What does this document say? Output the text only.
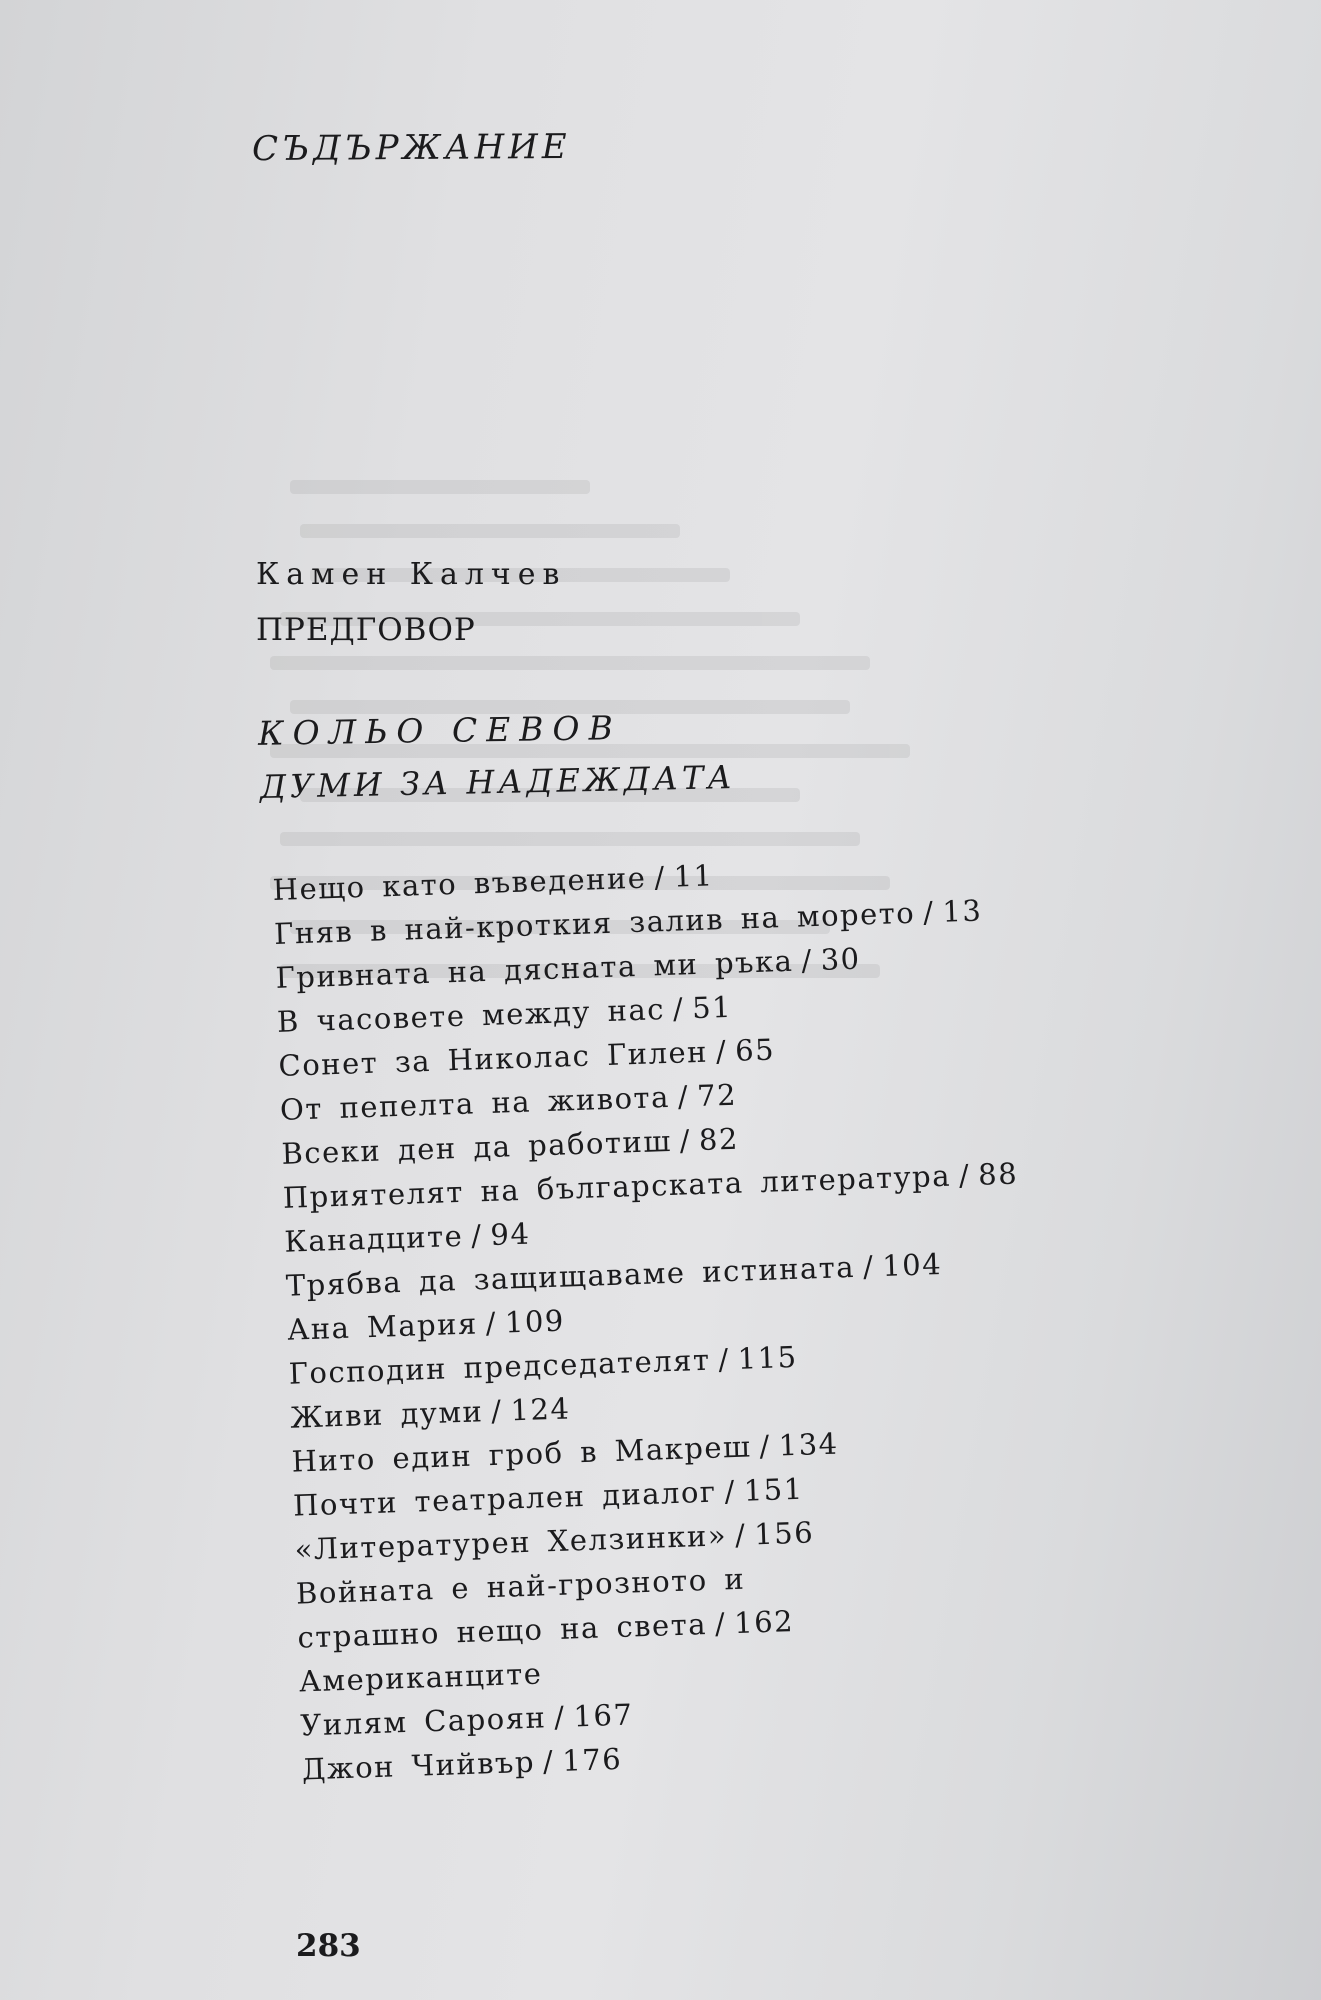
СЪДЪРЖАНИЕ
Камен Калчев
ПРЕДГОВОР
КОЛЬО СЕВОВ
ДУМИ ЗА НАДЕЖДАТА
Нещо като въведение / 11
Гняв в най-кроткия залив на морето / 13
Гривната на дясната ми ръка / 30
В часовете между нас / 51
Сонет за Николас Гилен / 65
От пепелта на живота / 72
Всеки ден да работиш / 82
Приятелят на българската литература / 88
Канадците / 94
Трябва да защищаваме истината / 104
Ана Мария / 109
Господин председателят / 115
Живи думи / 124
Нито един гроб в Макреш / 134
Почти театрален диалог / 151
«Литературен Хелзинки» / 156
Войната е най-грозното и
страшно нещо на света / 162
Американците
Уилям Сароян / 167
Джон Чийвър / 176
283
